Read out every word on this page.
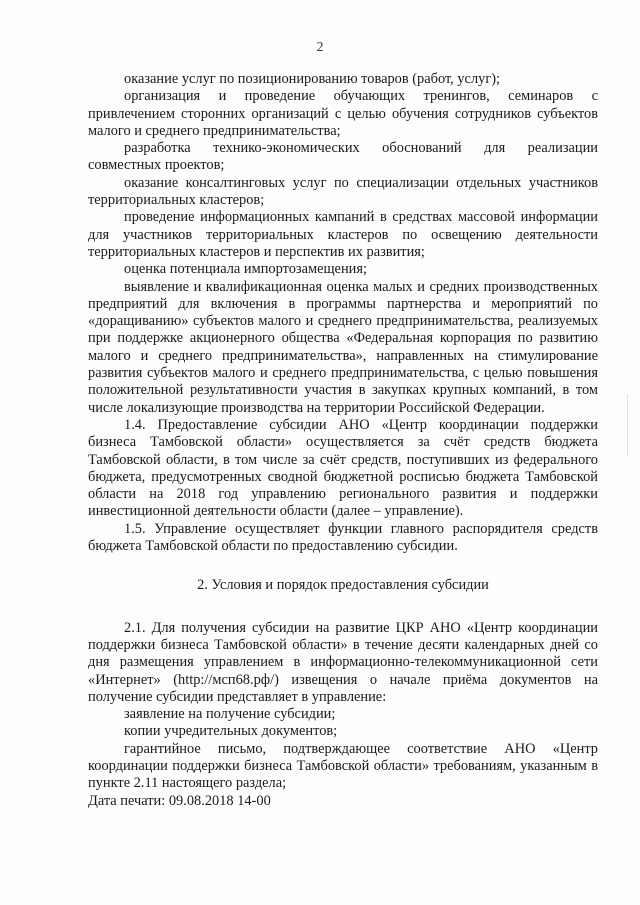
2

оказание услуг по позиционированию товаров (работ, услуг);

организация и проведение обучающих тренингов, семинаров с привлечением сторонних организаций с целью обучения сотрудников субъектов малого и среднего предпринимательства;

разработка технико-экономических обоснований для реализации совместных проектов;

оказание консалтинговых услуг по специализации отдельных участников территориальных кластеров;

проведение информационных кампаний в средствах массовой информации для участников территориальных кластеров по освещению деятельности территориальных кластеров и перспектив их развития;

оценка потенциала импортозамещения;

выявление и квалификационная оценка малых и средних производственных предприятий для включения в программы партнерства и мероприятий по «доращиванию» субъектов малого и среднего предпринимательства, реализуемых при поддержке акционерного общества «Федеральная корпорация по развитию малого и среднего предпринимательства», направленных на стимулирование развития субъектов малого и среднего предпринимательства, с целью повышения положительной результативности участия в закупках крупных компаний, в том числе локализующие производства на территории Российской Федерации.

1.4. Предоставление субсидии АНО «Центр координации поддержки бизнеса Тамбовской области» осуществляется за счёт средств бюджета Тамбовской области, в том числе за счёт средств, поступивших из федерального бюджета, предусмотренных сводной бюджетной росписью бюджета Тамбовской области на 2018 год управлению регионального развития и поддержки инвестиционной деятельности области (далее – управление).

1.5. Управление осуществляет функции главного распорядителя средств бюджета Тамбовской области по предоставлению субсидии.

2. Условия и порядок предоставления субсидии

2.1. Для получения субсидии на развитие ЦКР АНО «Центр координации поддержки бизнеса Тамбовской области» в течение десяти календарных дней со дня размещения управлением в информационно-телекоммуникационной сети «Интернет» (http://мсп68.рф/) извещения о начале приёма документов на получение субсидии представляет в управление:

заявление на получение субсидии;

копии учредительных документов;

гарантийное письмо, подтверждающее соответствие АНО «Центр координации поддержки бизнеса Тамбовской области» требованиям, указанным в пункте 2.11 настоящего раздела;

Дата печати: 09.08.2018 14-00
